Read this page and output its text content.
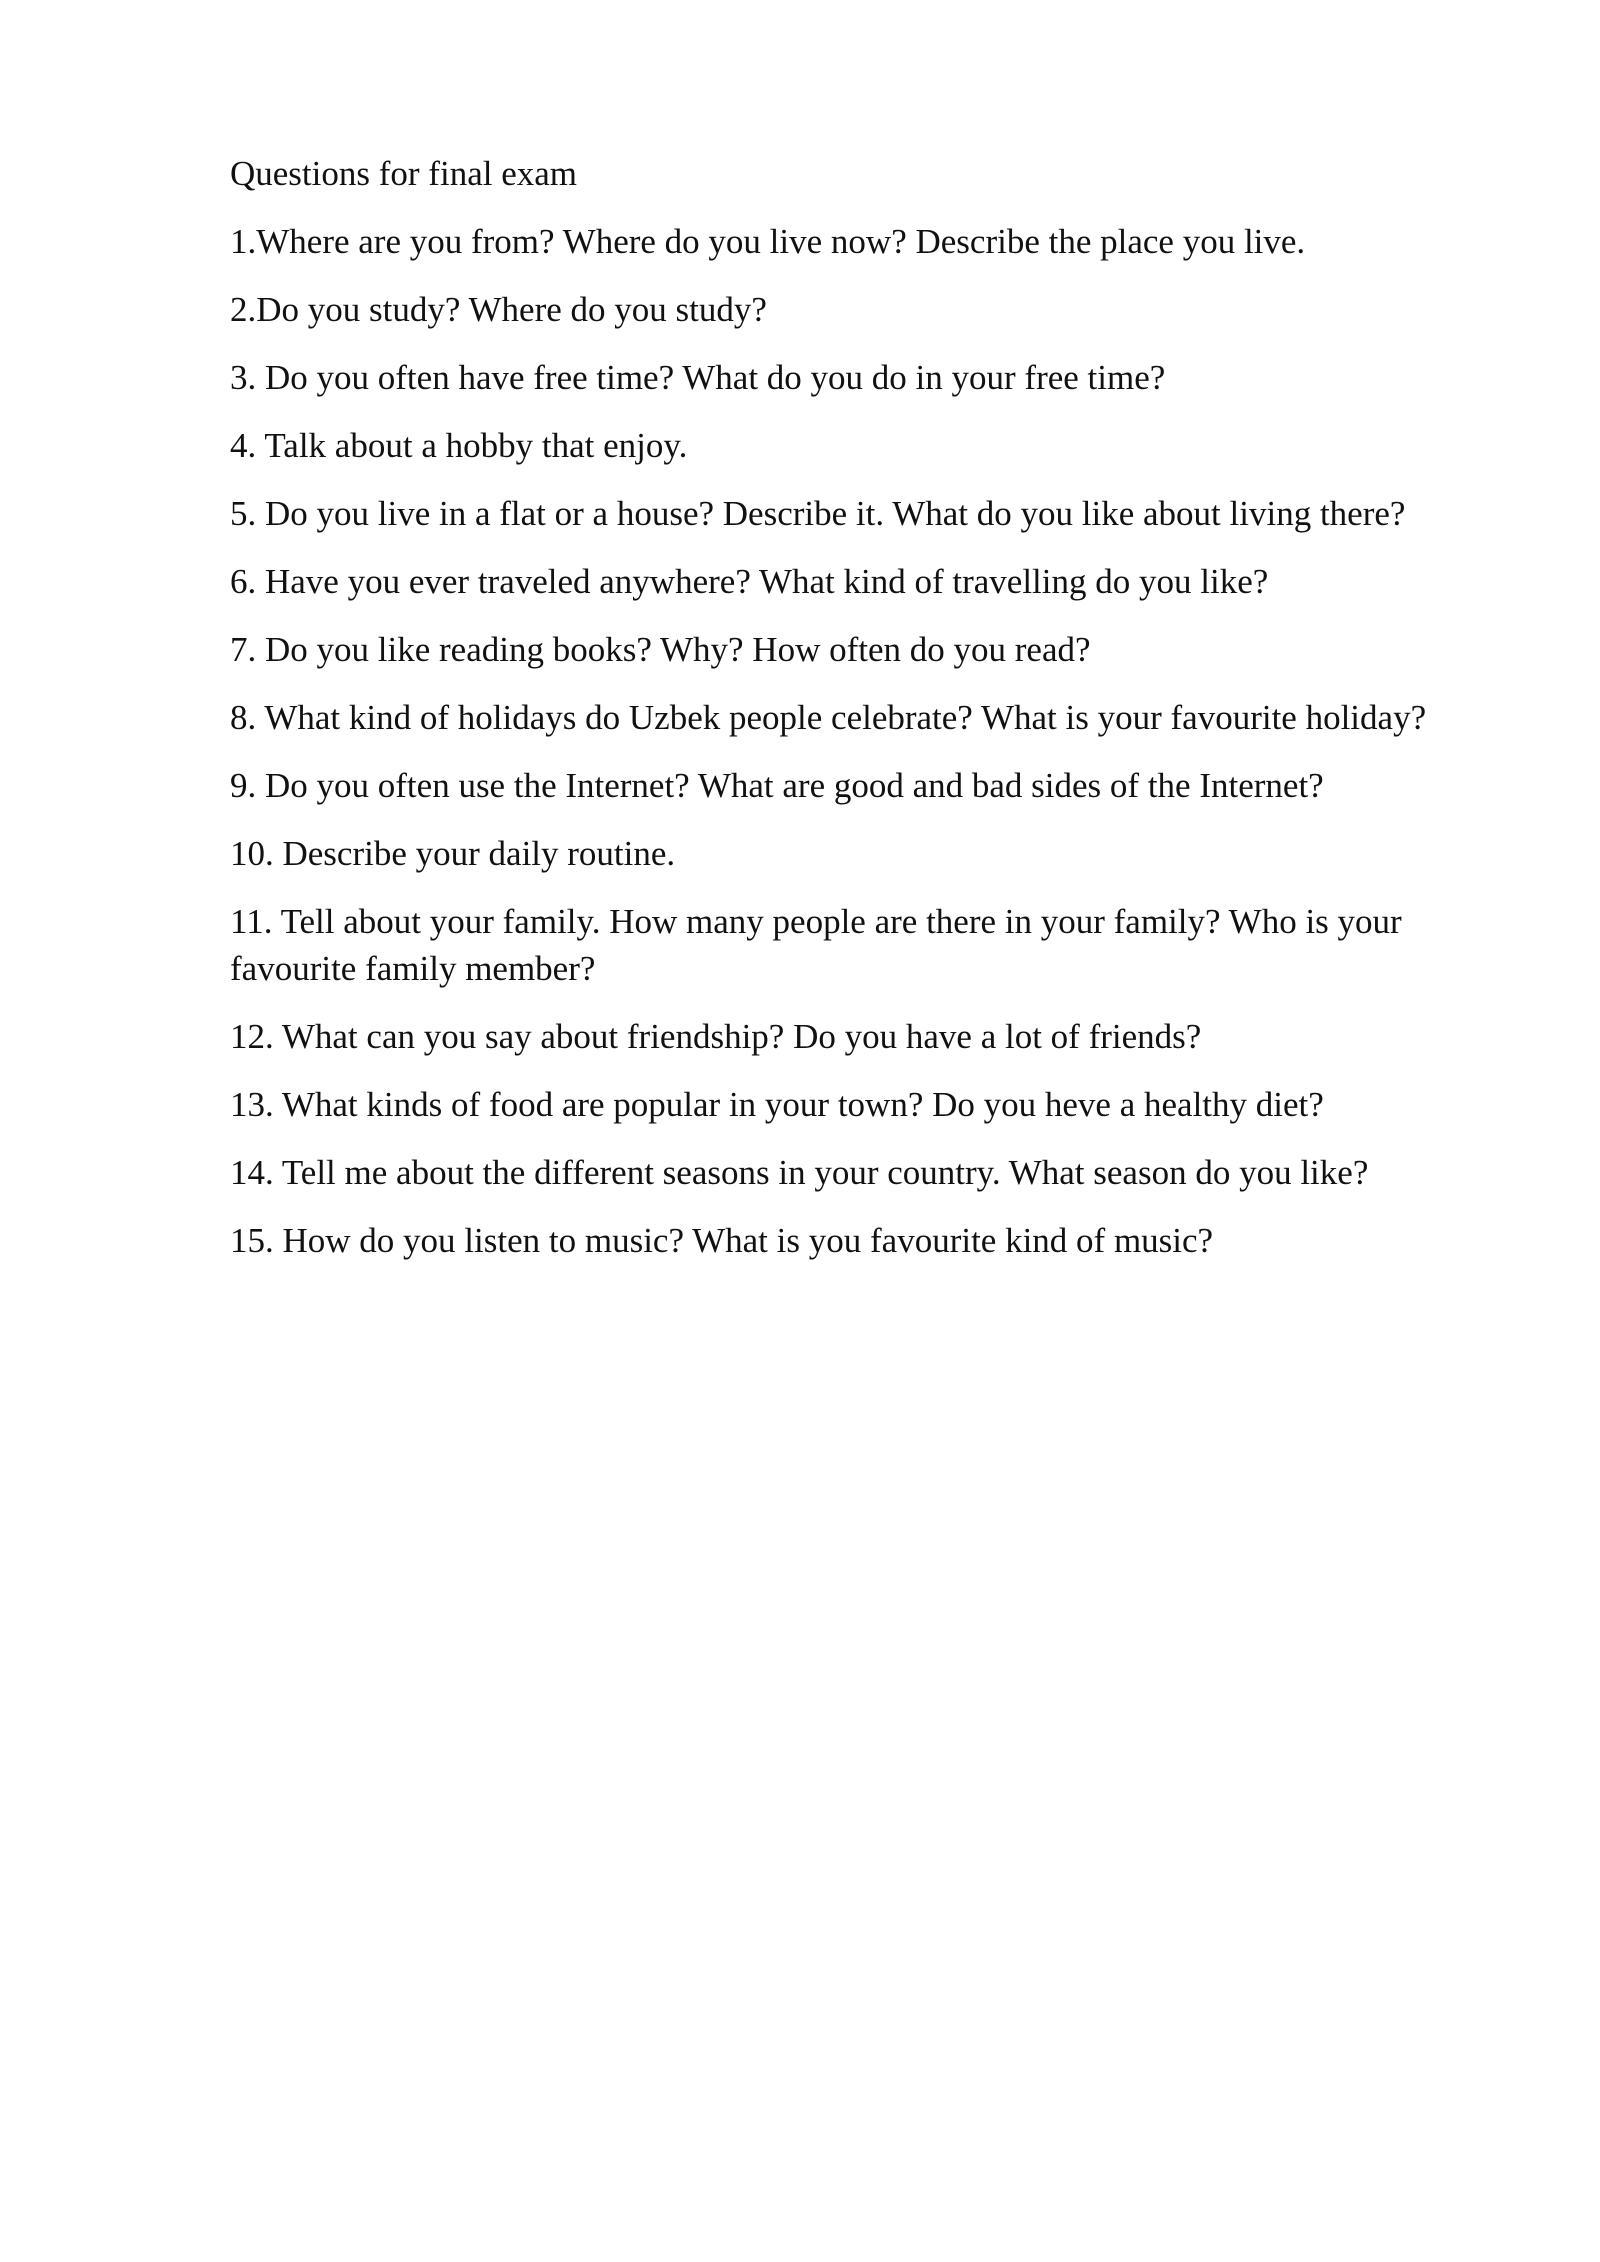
Questions for final exam
1.Where are you from? Where do you live now? Describe the place you live.
2.Do you study? Where do you study?
3. Do you often have free time? What do you do in your free time?
4. Talk about a hobby that enjoy.
5. Do you live in a flat or a house? Describe it. What do you like about living there?
6. Have you ever traveled anywhere? What kind of travelling do you like?
7. Do you like reading books? Why? How often do you read?
8. What kind of holidays do Uzbek people celebrate? What is your favourite holiday?
9. Do you often use the Internet? What are good and bad sides of the Internet?
10. Describe your daily routine.
11. Tell about your family. How many people are there in your family? Who is your favourite family member?
12. What can you say about friendship? Do you have a lot of friends?
13. What kinds of food are popular in your town? Do you heve a healthy diet?
14. Tell me about the different seasons in your country. What season do you like?
15. How do you listen to music? What is you favourite kind of music?
